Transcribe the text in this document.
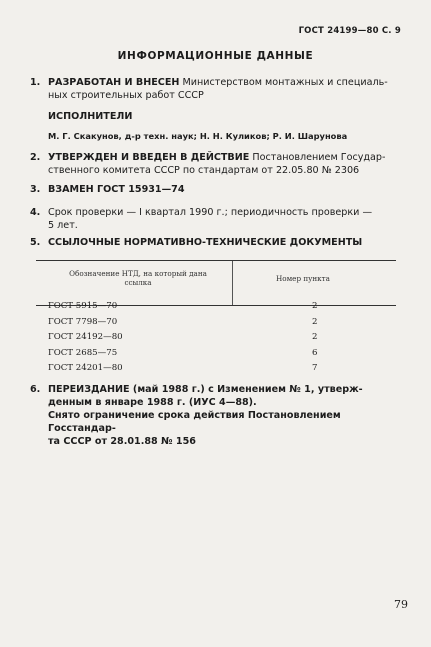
ГОСТ 24199—80 С. 9
ИНФОРМАЦИОННЫЕ ДАННЫЕ
1. РАЗРАБОТАН И ВНЕСЕН Министерством монтажных и специаль-
ных строительных работ СССР
ИСПОЛНИТЕЛИ
М. Г. Скакунов, д-р техн. наук; Н. Н. Куликов; Р. И. Шарунова
2. УТВЕРЖДЕН И ВВЕДЕН В ДЕЙСТВИЕ Постановлением Государ-
ственного комитета СССР по стандартам от 22.05.80 № 2306
3. ВЗАМЕН ГОСТ 15931—74
4. Срок проверки — I квартал 1990 г.; периодичность проверки —
5 лет.
5. ССЫЛОЧНЫЕ НОРМАТИВНО-ТЕХНИЧЕСКИЕ ДОКУМЕНТЫ
Обозначение НТД, на который дана ссылка	Номер пункта
ГОСТ 5915—70	2
ГОСТ 7798—70	2
ГОСТ 24192—80	2
ГОСТ 2685—75	6
ГОСТ 24201—80	7
6. ПЕРЕИЗДАНИЕ (май 1988 г.) с Изменением № 1, утверж-
денным в январе 1988 г. (ИУС 4—88).
Снято ограничение срока действия Постановлением Госстандар-
та СССР от 28.01.88 № 156
79
